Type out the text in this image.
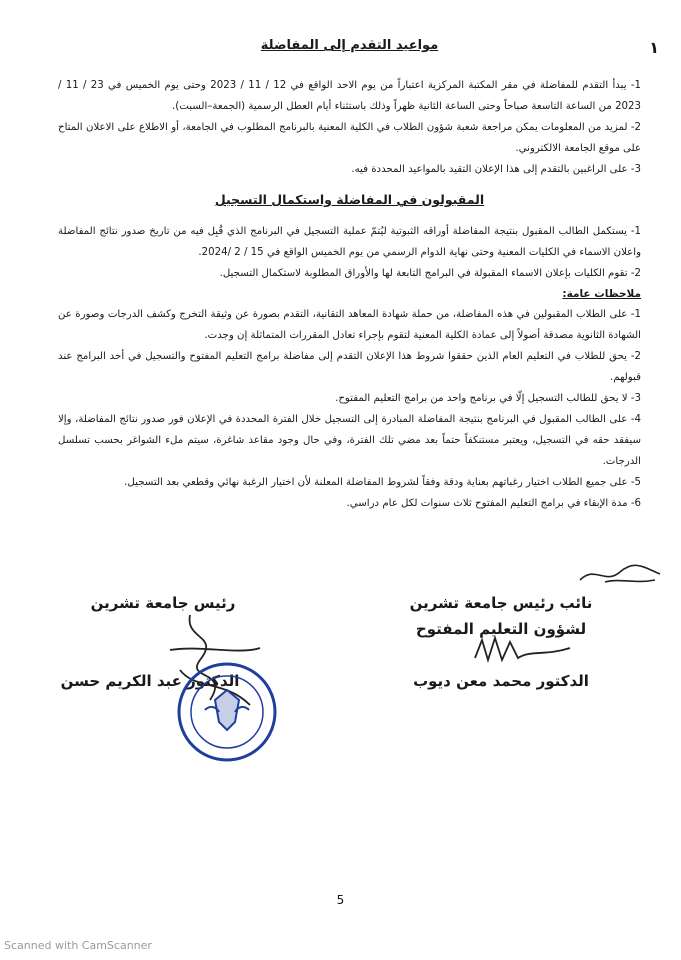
١
مواعيد التقدم إلى المفاضلة

1- يبدأ التقدم للمفاضلة في مقر المكتبة المركزية اعتباراً من يوم الاحد الواقع في 12 / 11 / 2023 وحتى يوم الخميس في 23 / 11 / 2023 من الساعة التاسعة صباحاً وحتى الساعة الثانية ظهراً وذلك باستثناء أيام العطل الرسمية (الجمعة–السبت).

2- لمزيد من المعلومات يمكن مراجعة شعبة شؤون الطلاب في الكلية المعنية بالبرنامج المطلوب في الجامعة، أو الاطلاع على الاعلان المتاح على موقع الجامعة الالكتروني.

3- على الراغبين بالتقدم إلى هذا الإعلان التقيد بالمواعيد المحددة فيه.

المقبولون في المفاضلة واستكمال التسجيل

1- يستكمل الطالب المقبول بنتيجة المفاضلة أوراقه الثبوتية ليُتمّ عملية التسجيل في البرنامج الذي قُبِل فيه من تاريخ صدور نتائج المفاضلة واعلان الاسماء في الكليات المعنية وحتى نهاية الدوام الرسمي من يوم الخميس الواقع في 15 / 2 /2024.

2- تقوم الكليات بإعلان الاسماء المقبولة في البرامج التابعة لها والأوراق المطلوبة لاستكمال التسجيل.

ملاحظات عامة:

1- على الطلاب المقبولين في هذه المفاضلة، من حملة شهادة المعاهد التقانية، التقدم بصورة عن وثيقة التخرج وكشف الدرجات وصورة عن الشهادة الثانوية مصدقة أصولاً إلى عمادة الكلية المعنية لتقوم بإجراء تعادل المقررات المتماثلة إن وجدت.

2- يحق للطلاب في التعليم العام الذين حققوا شروط هذا الإعلان التقدم إلى مفاضلة برامج التعليم المفتوح والتسجيل في أحد البرامج عند قبولهم.

3- لا يحق للطالب التسجيل إلّا في برنامج واحد من برامج التعليم المفتوح.

4- على الطالب المقبول في البرنامج بنتيجة المفاضلة المبادرة إلى التسجيل خلال الفترة المحددة في الإعلان فور صدور نتائج المفاضلة، وإلا سيفقد حقه في التسجيل، ويعتبر مستنكفاً حتماً بعد مضي تلك الفترة، وفي حال وجود مقاعد شاغرة، سيتم ملء الشواغر بحسب تسلسل الدرجات.

5- على جميع الطلاب اختيار رغباتهم بعناية ودقة وفقاً لشروط المفاضلة المعلنة لأن اختيار الرغبة نهائي وقطعي بعد التسجيل.

6- مدة الإبقاء في برامج التعليم المفتوح ثلاث سنوات لكل عام دراسي.

نائب رئيس جامعة تشرين
لشؤون التعليم المفتوح
الدكتور محمد معن ديوب
رئيس جامعة تشرين
الدكتور عبد الكريم حسن
5
Scanned with CamScanner
